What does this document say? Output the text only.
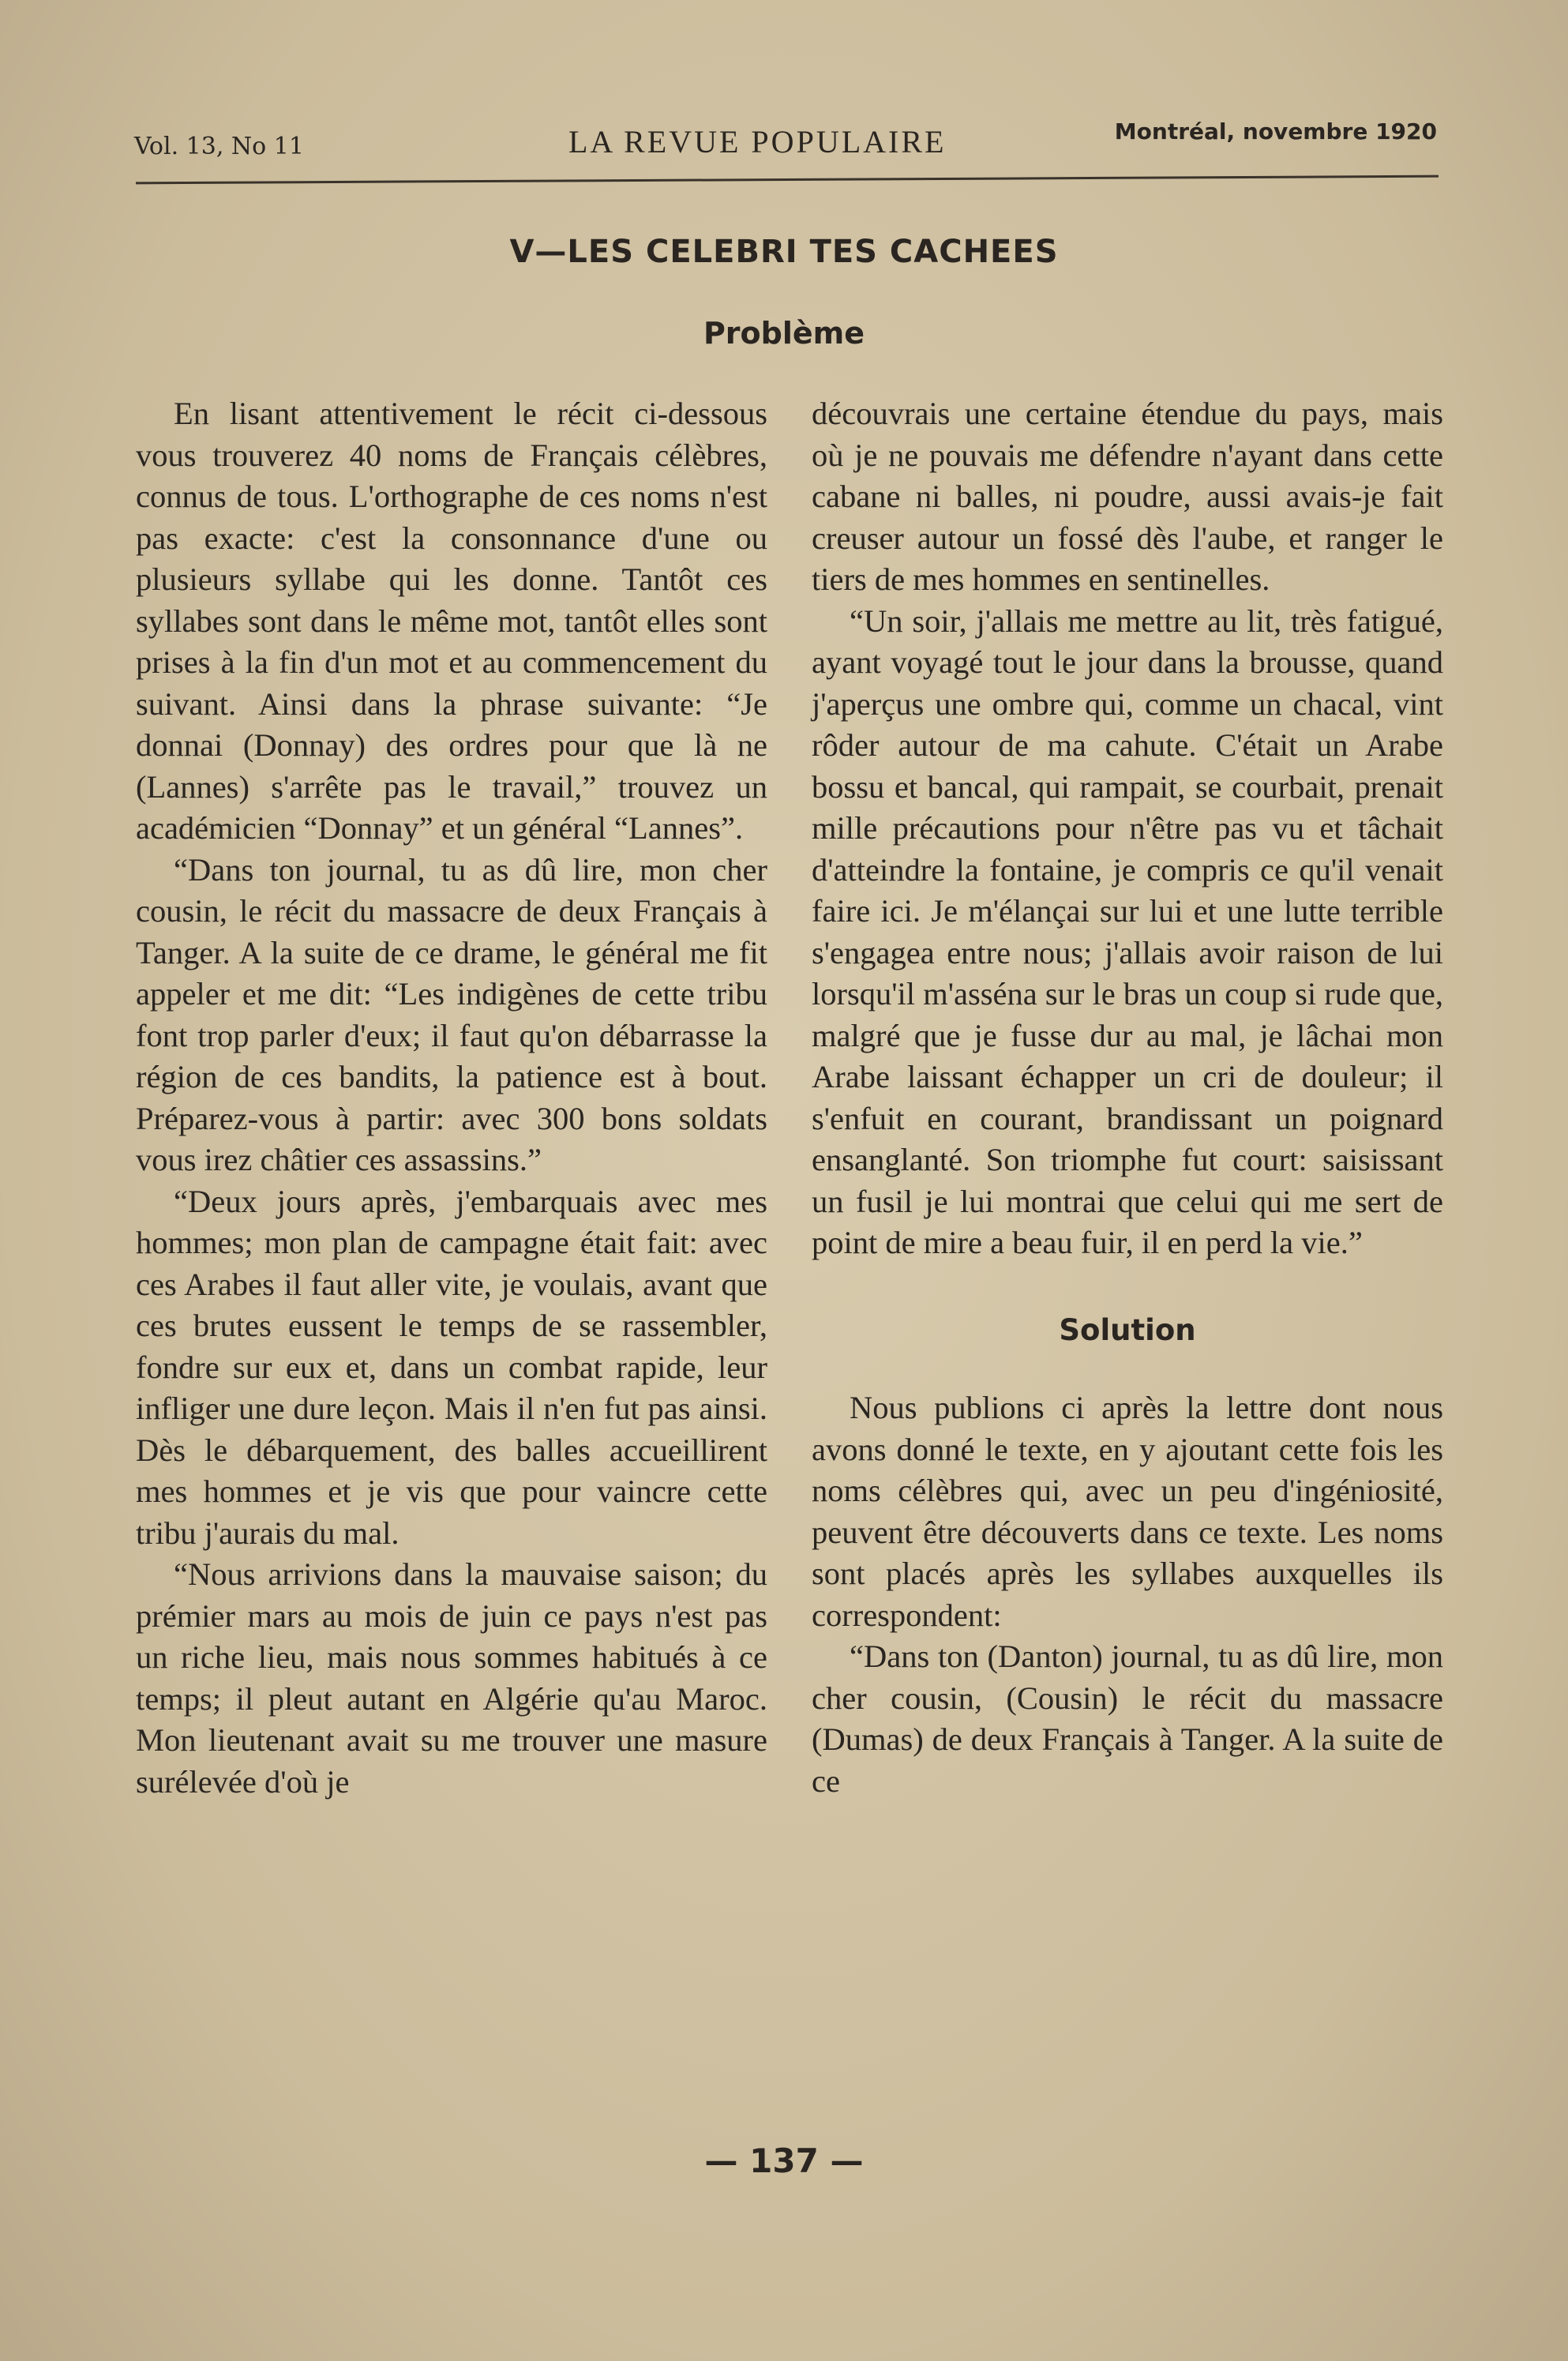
Vol. 13, No 11	LA REVUE POPULAIRE	Montréal, novembre 1920
V—LES CELEBRI TES CACHEES
Problème

En lisant attentivement le récit ci-dessous vous trouverez 40 noms de Français célèbres, connus de tous. L'orthographe de ces noms n'est pas exacte: c'est la consonnance d'une ou plusieurs syllabe qui les donne. Tantôt ces syllabes sont dans le même mot, tantôt elles sont prises à la fin d'un mot et au commencement du suivant. Ainsi dans la phrase suivante: “Je donnai (Donnay) des ordres pour que là ne (Lannes) s'arrête pas le travail,” trouvez un académicien “Donnay” et un général “Lannes”.

“Dans ton journal, tu as dû lire, mon cher cousin, le récit du massacre de deux Français à Tanger. A la suite de ce drame, le général me fit appeler et me dit: “Les indigènes de cette tribu font trop parler d'eux; il faut qu'on débarrasse la région de ces bandits, la patience est à bout. Préparez-vous à partir: avec 300 bons soldats vous irez châtier ces assassins.”

“Deux jours après, j'embarquais avec mes hommes; mon plan de campagne était fait: avec ces Arabes il faut aller vite, je voulais, avant que ces brutes eussent le temps de se rassembler, fondre sur eux et, dans un combat rapide, leur infliger une dure leçon. Mais il n'en fut pas ainsi. Dès le débarquement, des balles accueillirent mes hommes et je vis que pour vaincre cette tribu j'aurais du mal.

“Nous arrivions dans la mauvaise saison; du prémier mars au mois de juin ce pays n'est pas un riche lieu, mais nous sommes habitués à ce temps; il pleut autant en Algérie qu'au Maroc. Mon lieutenant avait su me trouver une masure surélevée d'où je

découvrais une certaine étendue du pays, mais où je ne pouvais me défendre n'ayant dans cette cabane ni balles, ni poudre, aussi avais-je fait creuser autour un fossé dès l'aube, et ranger le tiers de mes hommes en sentinelles.

“Un soir, j'allais me mettre au lit, très fatigué, ayant voyagé tout le jour dans la brousse, quand j'aperçus une ombre qui, comme un chacal, vint rôder autour de ma cahute. C'était un Arabe bossu et bancal, qui rampait, se courbait, prenait mille précautions pour n'être pas vu et tâchait d'atteindre la fontaine, je compris ce qu'il venait faire ici. Je m'élançai sur lui et une lutte terrible s'engagea entre nous; j'allais avoir raison de lui lorsqu'il m'asséna sur le bras un coup si rude que, malgré que je fusse dur au mal, je lâchai mon Arabe laissant échapper un cri de douleur; il s'enfuit en courant, brandissant un poignard ensanglanté. Son triomphe fut court: saisissant un fusil je lui montrai que celui qui me sert de point de mire a beau fuir, il en perd la vie.”

Solution

Nous publions ci après la lettre dont nous avons donné le texte, en y ajoutant cette fois les noms célèbres qui, avec un peu d'ingéniosité, peuvent être découverts dans ce texte. Les noms sont placés après les syllabes auxquelles ils correspondent:

“Dans ton (Danton) journal, tu as dû lire, mon cher cousin, (Cousin) le récit du massacre (Dumas) de deux Français à Tanger. A la suite de ce

— 137 —
